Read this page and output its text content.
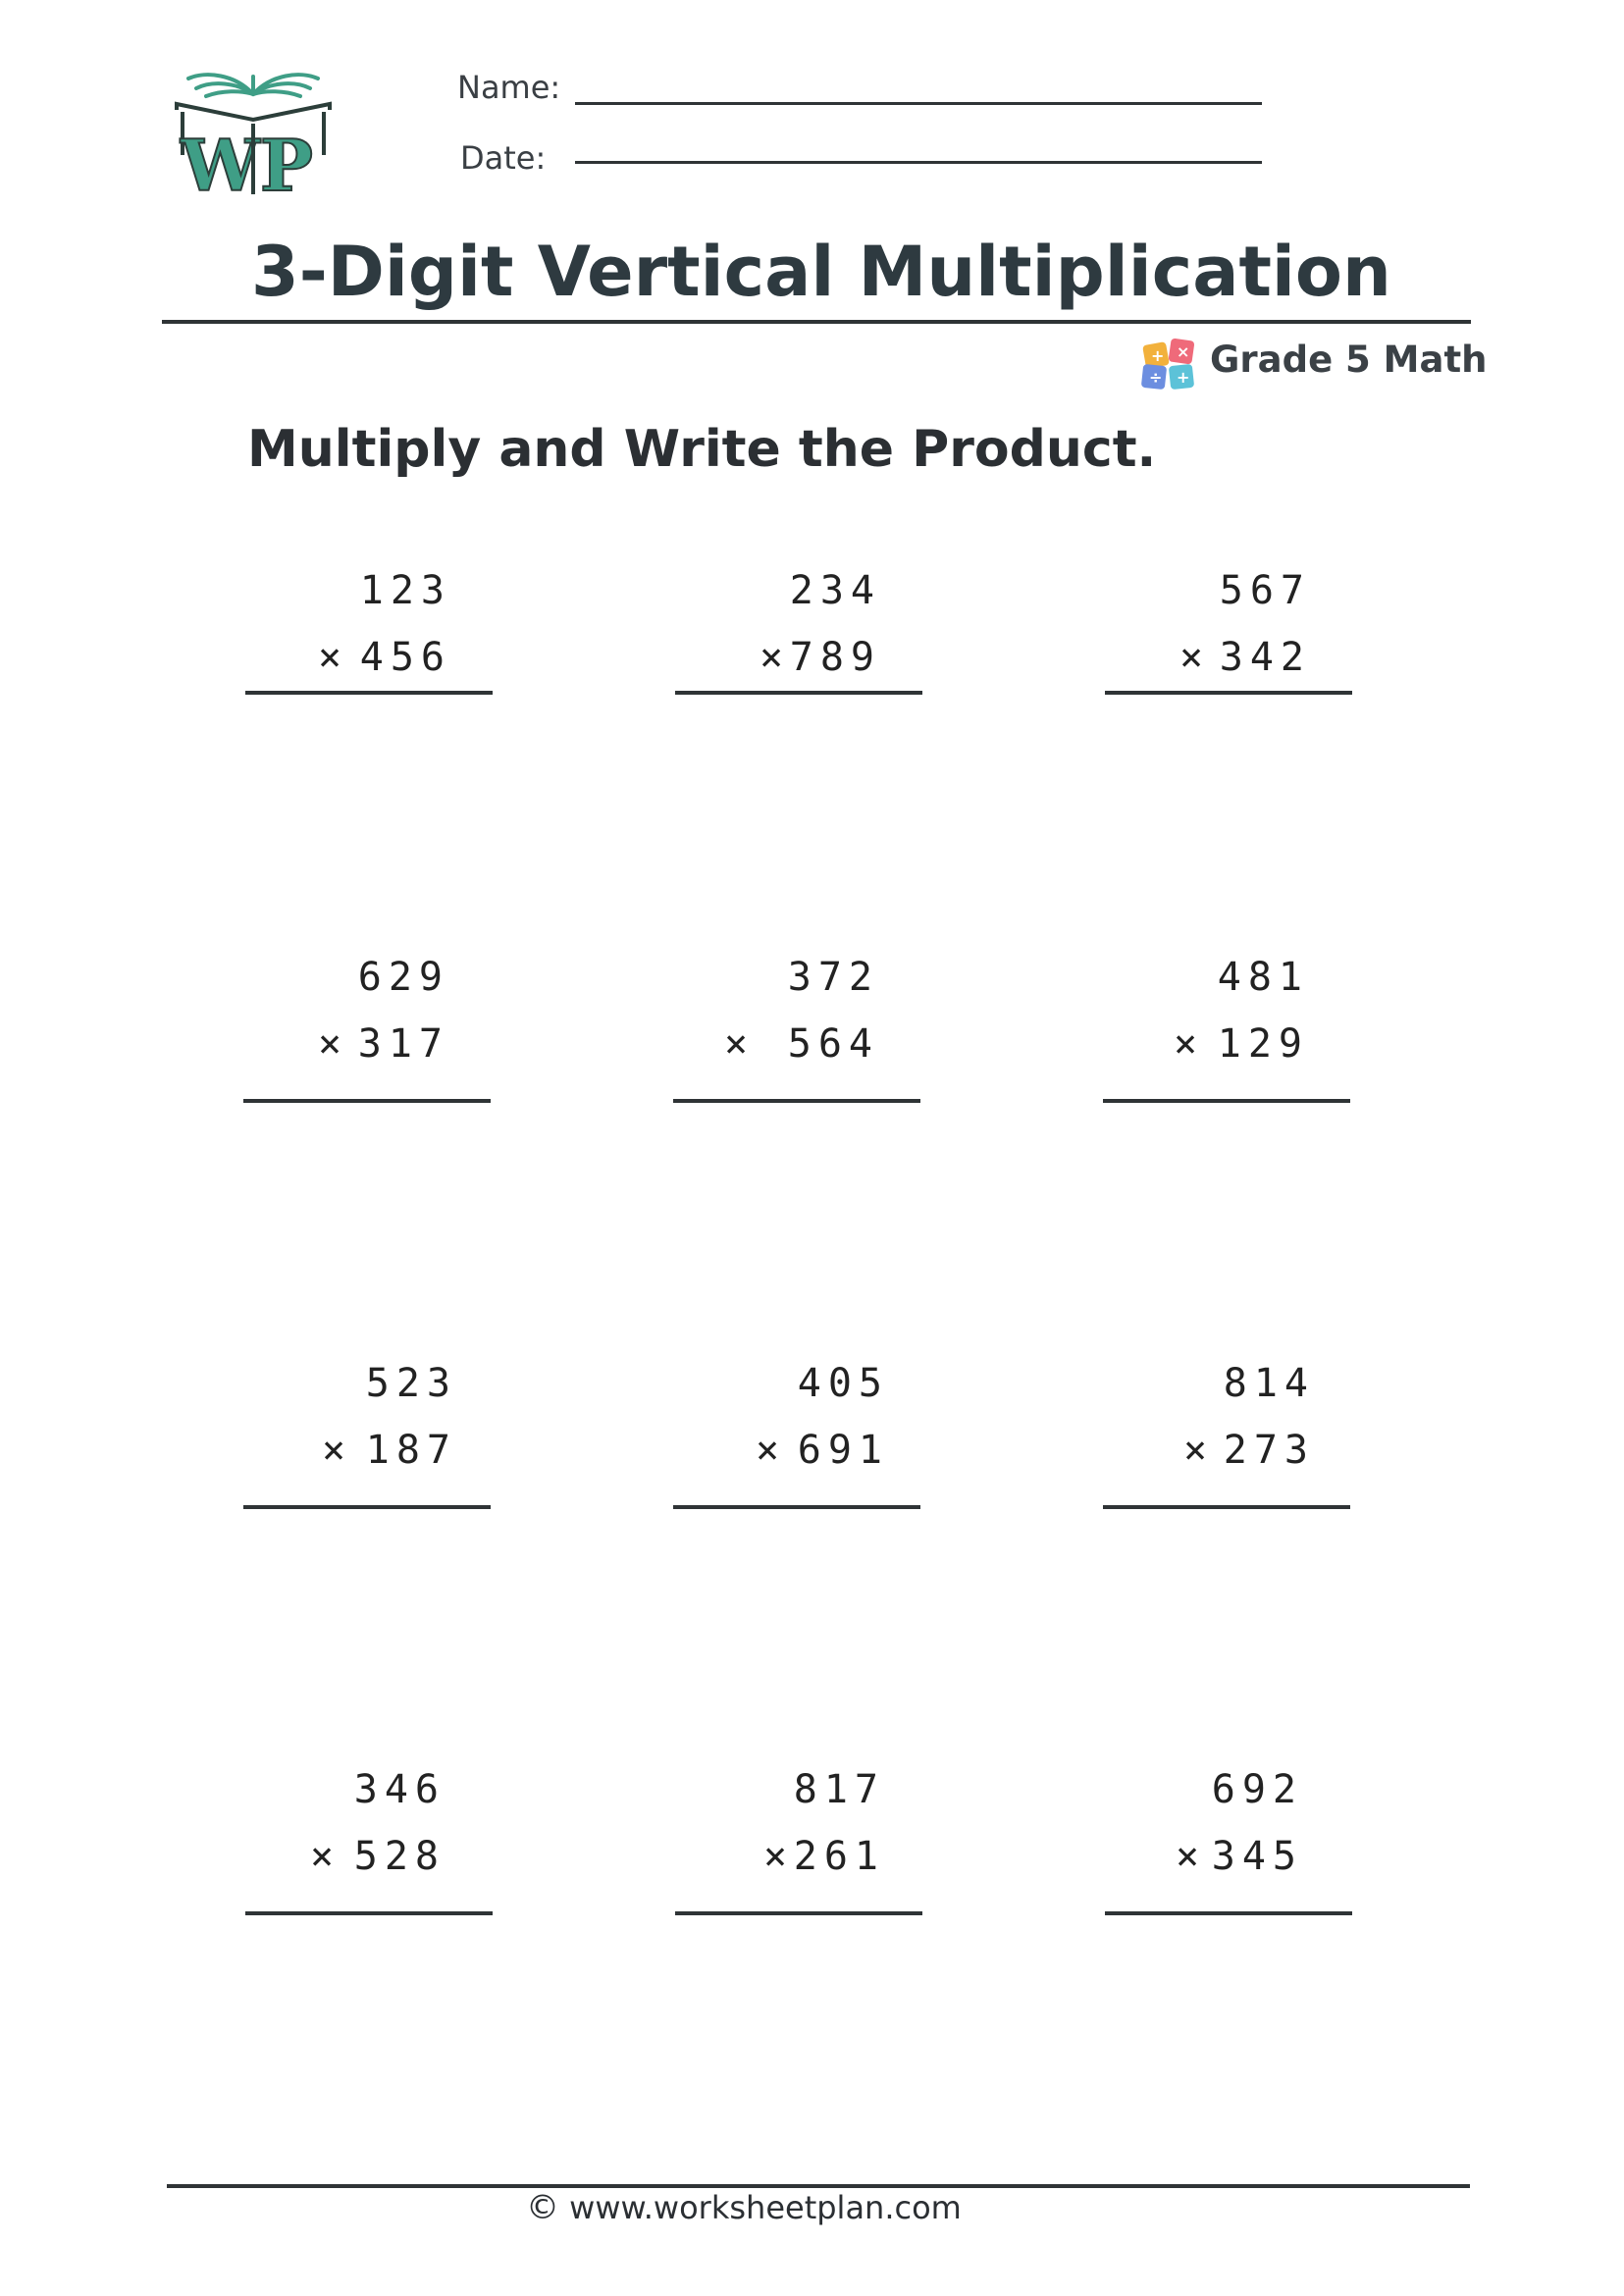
WP
Name:
Date:
3-Digit Vertical Multiplication
+ ×
÷ + Grade 5 Math
Multiply and Write the Product.
123
× 456
234
× 789
567
× 342
629
× 317
372
× 564
481
× 129
523
× 187
405
× 691
814
× 273
346
× 528
817
× 261
692
× 345
© www.worksheetplan.com
